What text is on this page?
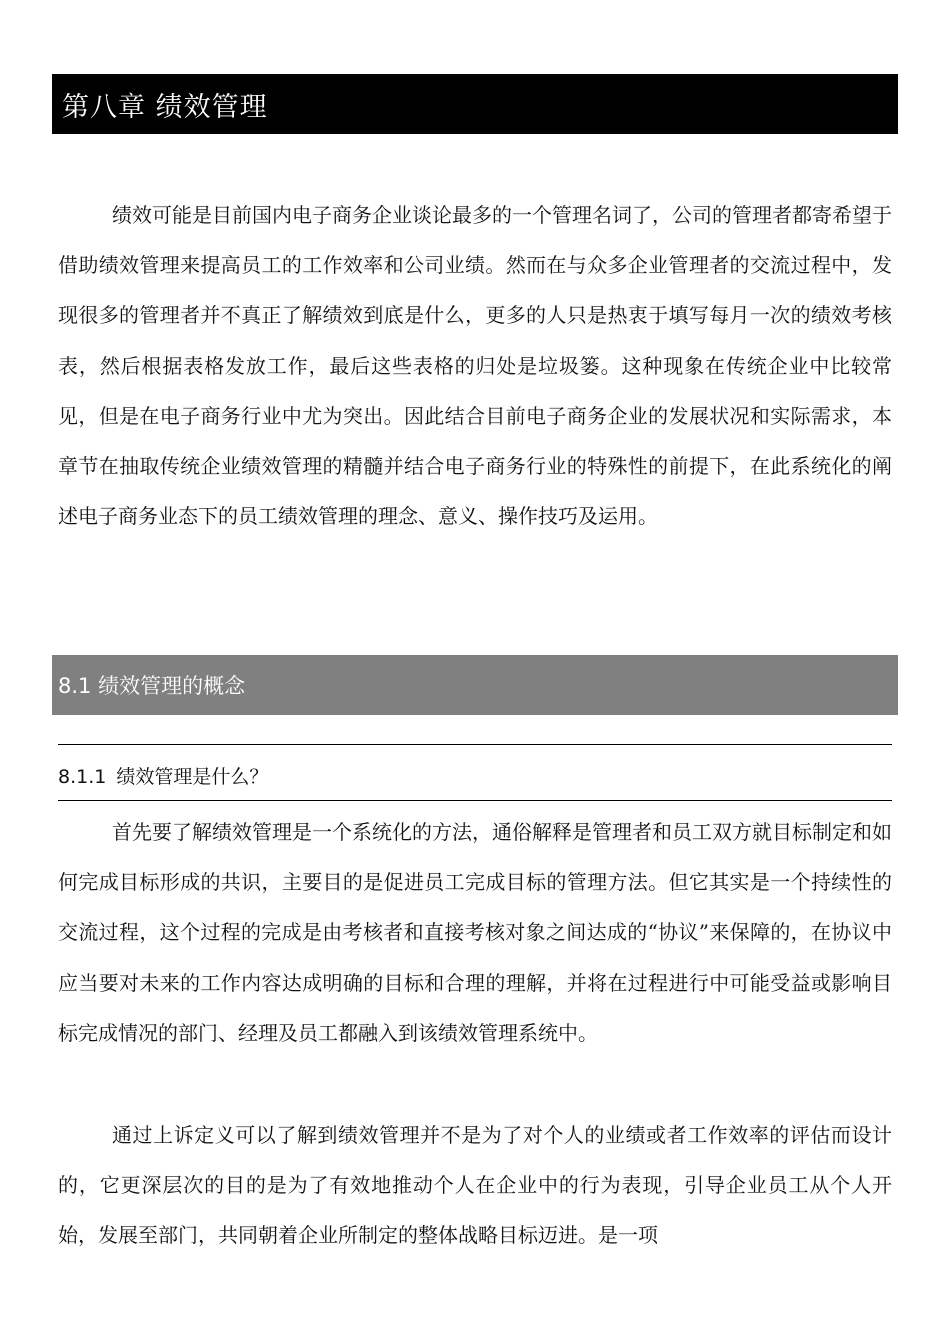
第八章 绩效管理

绩效可能是目前国内电子商务企业谈论最多的一个管理名词了，公司的管理者都寄希望于借助绩效管理来提高员工的工作效率和公司业绩。然而在与众多企业管理者的交流过程中，发现很多的管理者并不真正了解绩效到底是什么，更多的人只是热衷于填写每月一次的绩效考核表，然后根据表格发放工作，最后这些表格的归处是垃圾篓。这种现象在传统企业中比较常见，但是在电子商务行业中尤为突出。因此结合目前电子商务企业的发展状况和实际需求，本章节在抽取传统企业绩效管理的精髓并结合电子商务行业的特殊性的前提下，在此系统化的阐述电子商务业态下的员工绩效管理的理念、意义、操作技巧及运用。

8.1 绩效管理的概念
8.1.1 绩效管理是什么？

首先要了解绩效管理是一个系统化的方法，通俗解释是管理者和员工双方就目标制定和如何完成目标形成的共识，主要目的是促进员工完成目标的管理方法。但它其实是一个持续性的交流过程，这个过程的完成是由考核者和直接考核对象之间达成的“协议”来保障的，在协议中应当要对未来的工作内容达成明确的目标和合理的理解，并将在过程进行中可能受益或影响目标完成情况的部门、经理及员工都融入到该绩效管理系统中。

通过上诉定义可以了解到绩效管理并不是为了对个人的业绩或者工作效率的评估而设计的，它更深层次的目的是为了有效地推动个人在企业中的行为表现，引导企业员工从个人开始，发展至部门，共同朝着企业所制定的整体战略目标迈进。是一项
